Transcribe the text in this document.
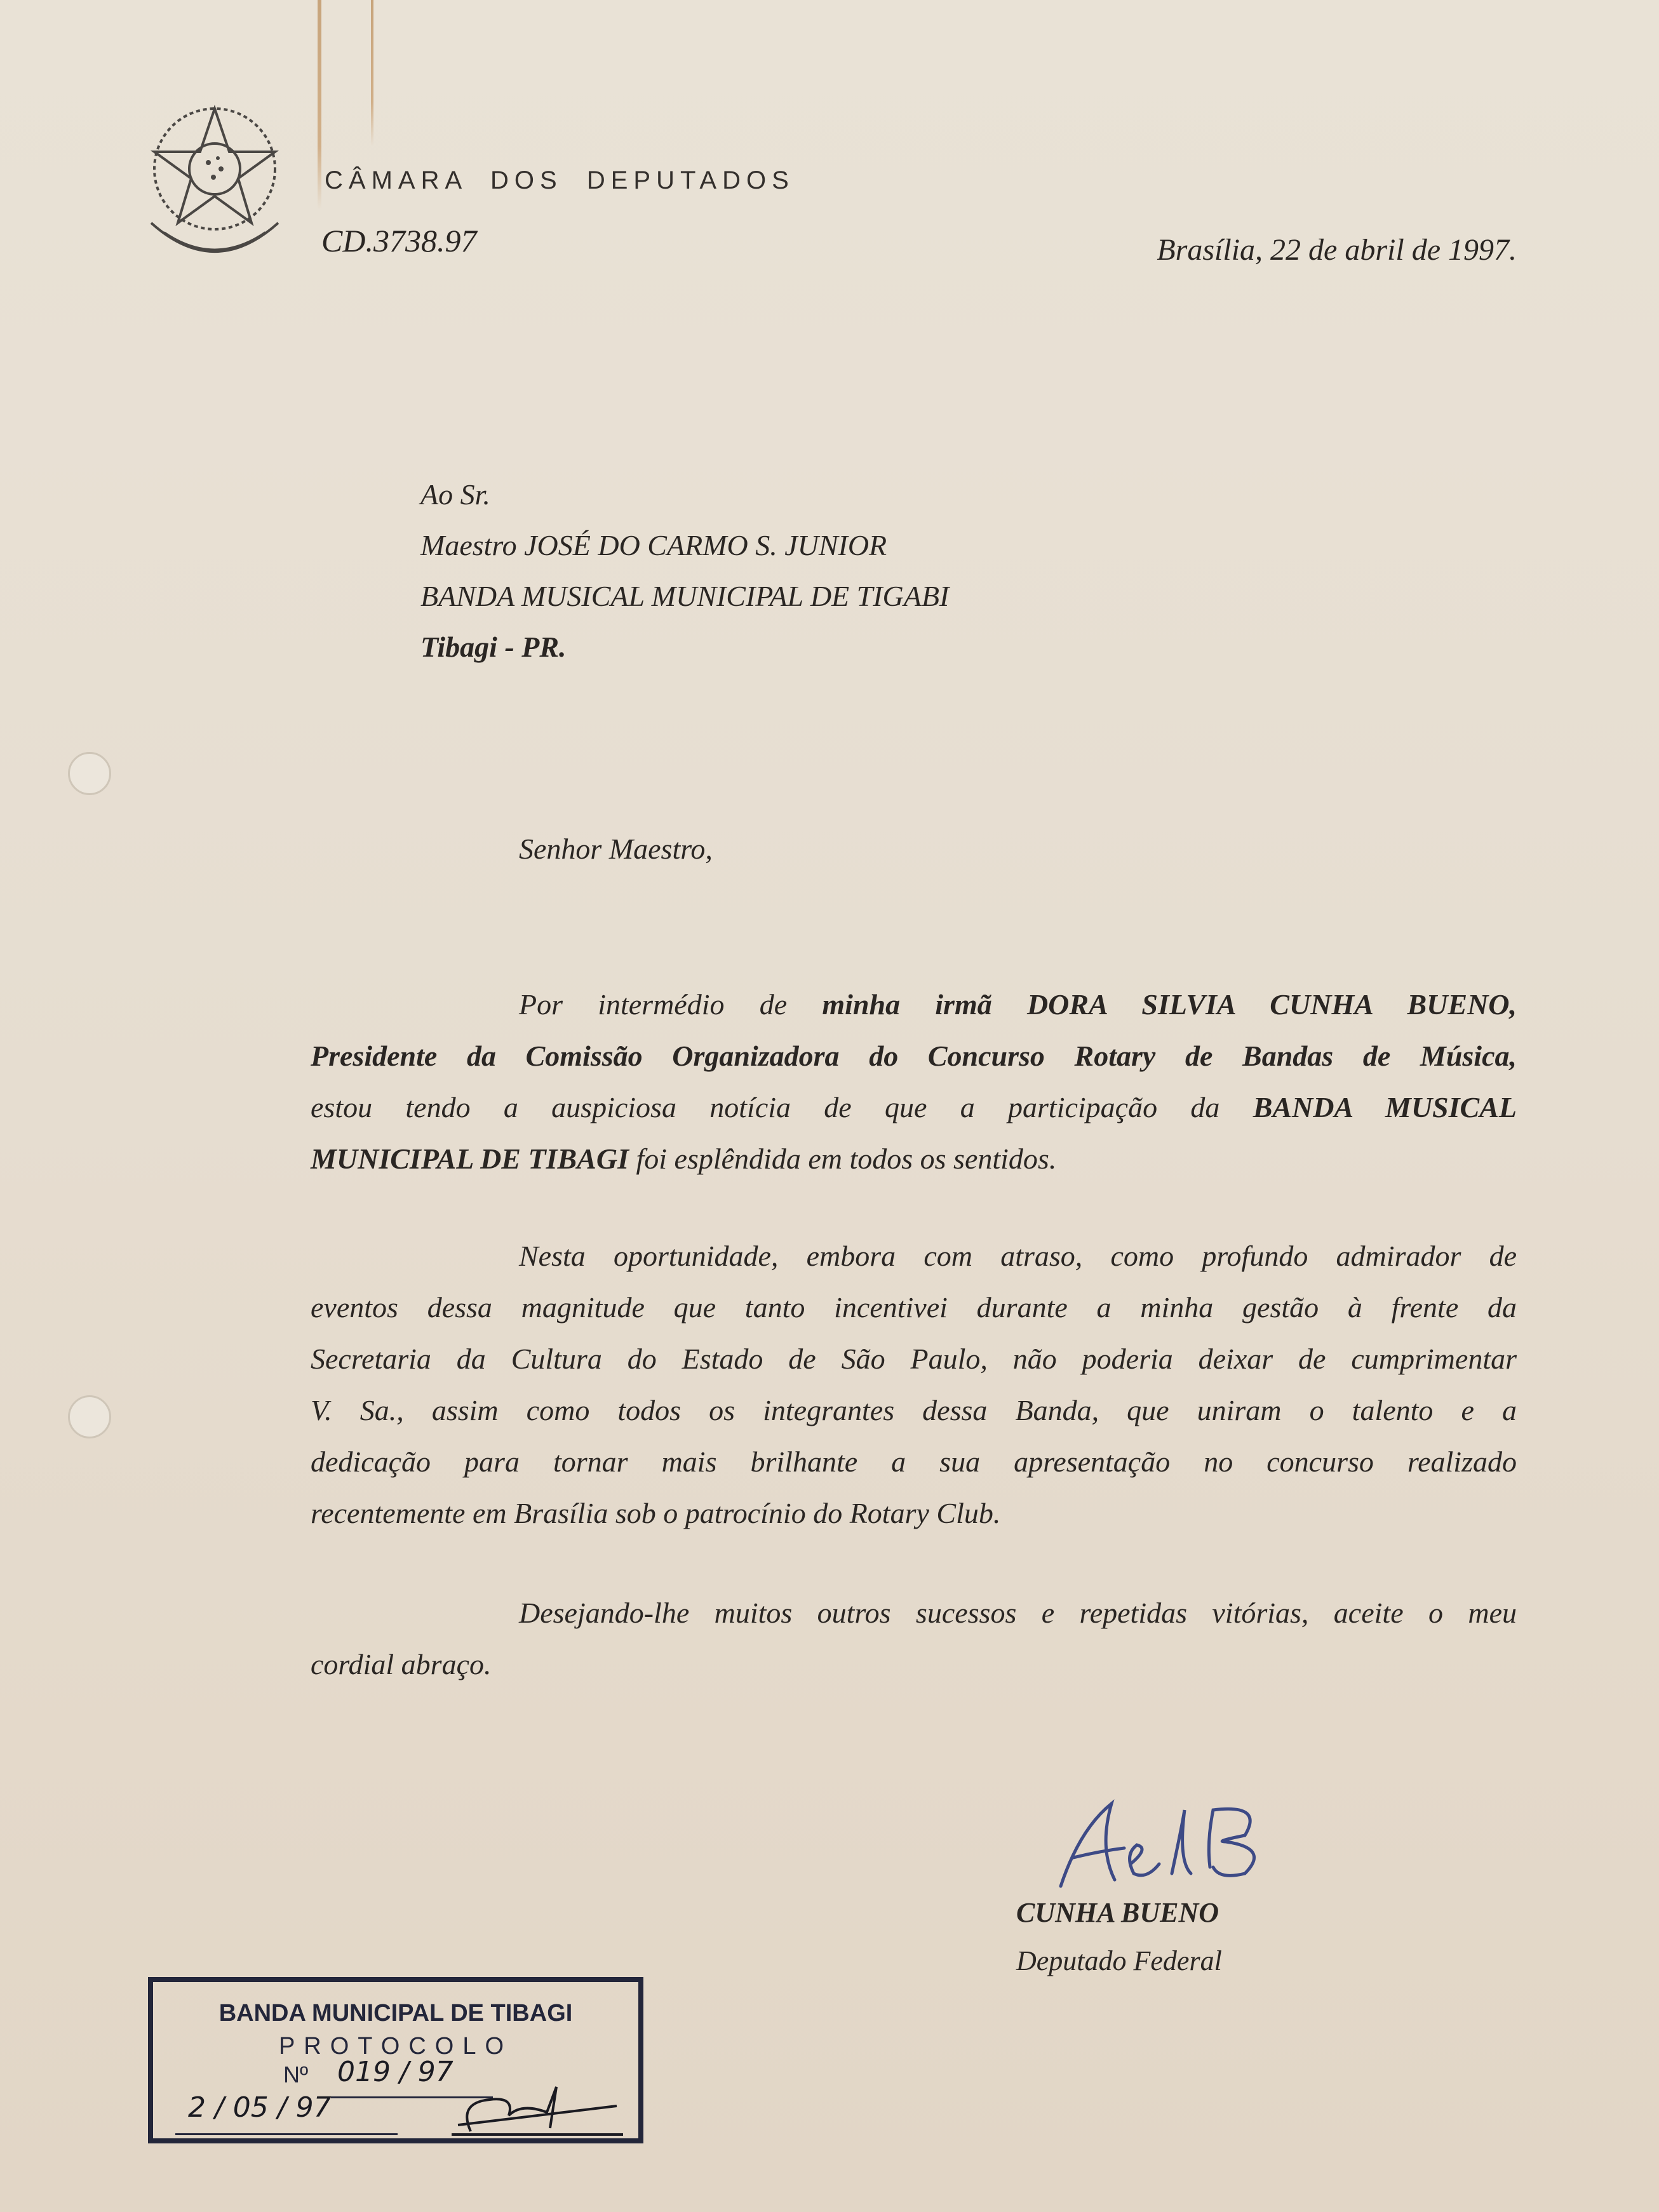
CÂMARA DOS DEPUTADOS
CD.3738.97	Brasília, 22 de abril de 1997.
Ao Sr.
Maestro JOSÉ DO CARMO S. JUNIOR
BANDA MUSICAL MUNICIPAL DE TIGABI
Tibagi - PR.
Senhor Maestro,
Por intermédio de minha irmã DORA SILVIA CUNHA BUENO,
Presidente da Comissão Organizadora do Concurso Rotary de Bandas de Música,
estou tendo a auspiciosa notícia de que a participação da BANDA MUSICAL
MUNICIPAL DE TIBAGI foi esplêndida em todos os sentidos.
Nesta oportunidade, embora com atraso, como profundo admirador de
eventos dessa magnitude que tanto incentivei durante a minha gestão à frente da
Secretaria da Cultura do Estado de São Paulo, não poderia deixar de cumprimentar
V. Sa., assim como todos os integrantes dessa Banda, que uniram o talento e a
dedicação para tornar mais brilhante a sua apresentação no concurso realizado
recentemente em Brasília sob o patrocínio do Rotary Club.
Desejando-lhe muitos outros sucessos e repetidas vitórias, aceite o meu
cordial abraço.
CUNHA BUENO
Deputado Federal
BANDA MUNICIPAL DE TIBAGI
PROTOCOLO
Nº 019 / 97
2 / 05 / 97
